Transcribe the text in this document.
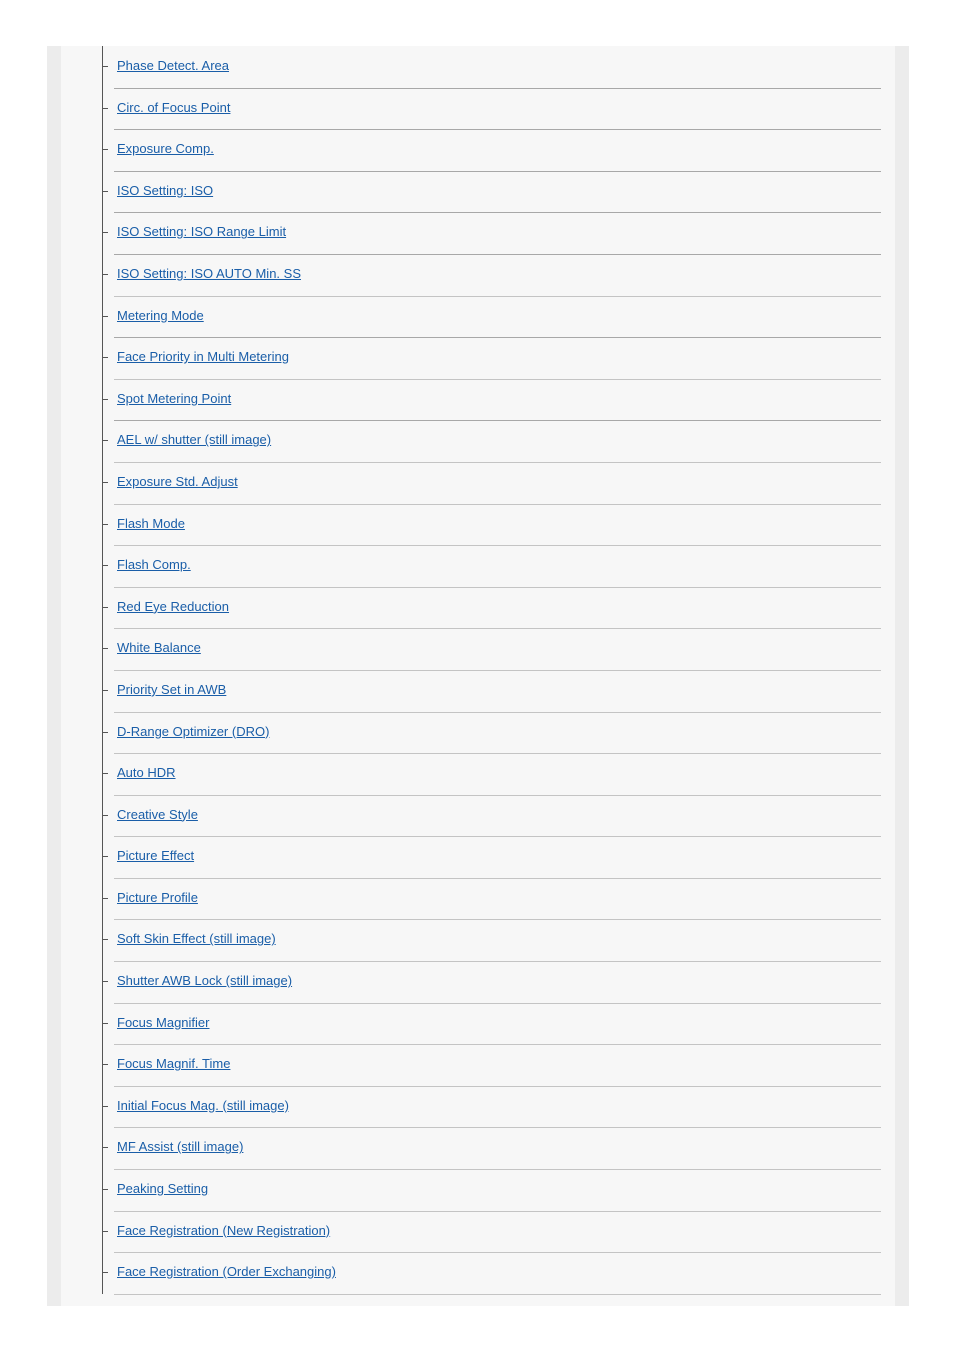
Phase Detect. Area
Circ. of Focus Point
Exposure Comp.
ISO Setting: ISO
ISO Setting: ISO Range Limit
ISO Setting: ISO AUTO Min. SS
Metering Mode
Face Priority in Multi Metering
Spot Metering Point
AEL w/ shutter (still image)
Exposure Std. Adjust
Flash Mode
Flash Comp.
Red Eye Reduction
White Balance
Priority Set in AWB
D-Range Optimizer (DRO)
Auto HDR
Creative Style
Picture Effect
Picture Profile
Soft Skin Effect (still image)
Shutter AWB Lock (still image)
Focus Magnifier
Focus Magnif. Time
Initial Focus Mag. (still image)
MF Assist (still image)
Peaking Setting
Face Registration (New Registration)
Face Registration (Order Exchanging)
